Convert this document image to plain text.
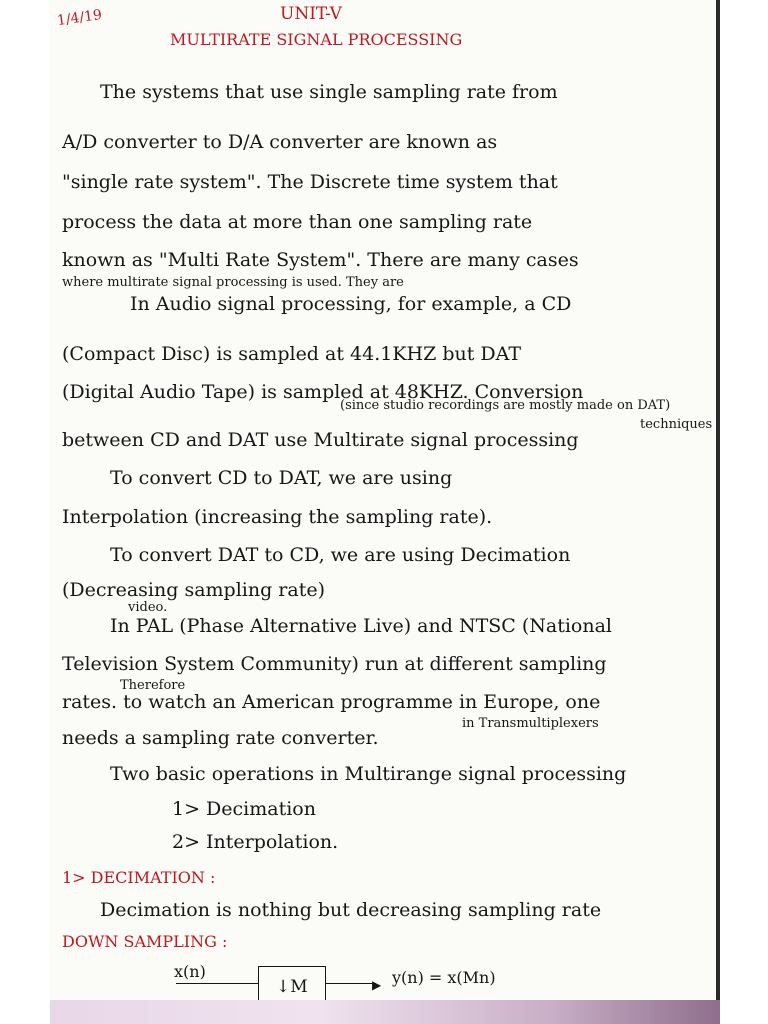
1/4/19	UNIT-V
MULTIRATE SIGNAL PROCESSING
The systems that use single sampling rate from
A/D converter to D/A converter are known as
"single rate system". The Discrete time system that
process the data at more than one sampling rate
known as "Multi Rate System". There are many cases
where multirate signal processing is used. They are
In Audio signal processing, for example, a CD
(Compact Disc) is sampled at 44.1KHZ but DAT
(Digital Audio Tape) is sampled at 48KHZ. Conversion
(since studio recordings are mostly made on DAT)
between CD and DAT use Multirate signal processing
techniques
To convert CD to DAT, we are using
Interpolation (increasing the sampling rate).
To convert DAT to CD, we are using Decimation
(Decreasing sampling rate)
video.
In PAL (Phase Alternative Live) and NTSC (National
Television System Community) run at different sampling
Therefore
rates. to watch an American programme in Europe, one
needs a sampling rate converter.
in Transmultiplexers
Two basic operations in Multirange signal processing
1> Decimation
2> Interpolation.
1> DECIMATION :
Decimation is nothing but decreasing sampling rate
DOWN SAMPLING :
x(n)
↓M	▶ y(n) = x(Mn)
